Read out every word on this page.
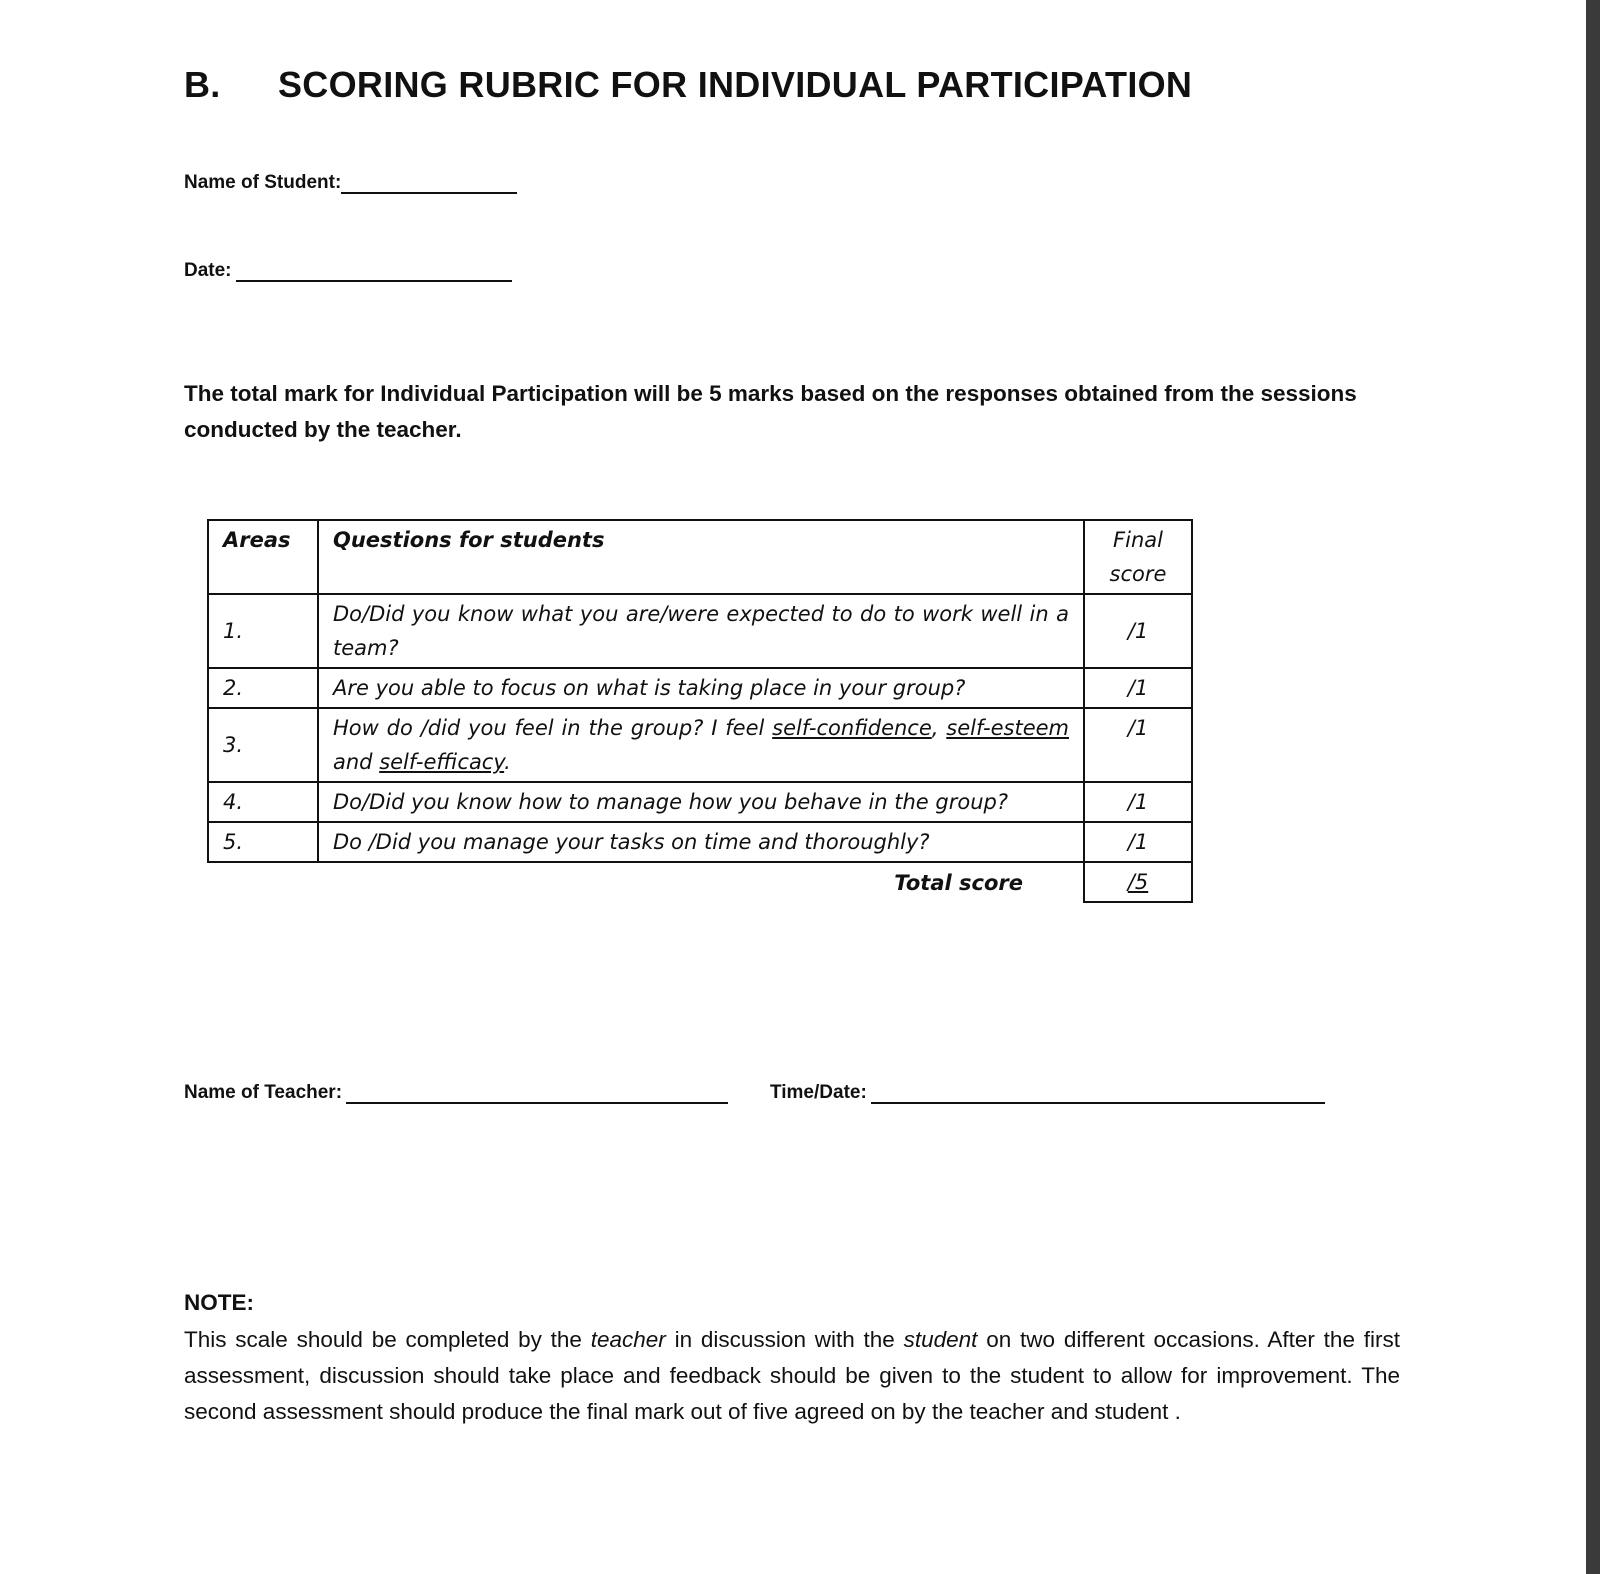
B. SCORING RUBRIC FOR INDIVIDUAL PARTICIPATION
Name of Student:
Date:
The total mark for Individual Participation will be 5 marks based on the responses obtained from the sessions conducted by the teacher.
Areas	Questions for students	Final score
1.	Do/Did you know what you are/were expected to do to work well in a team?	/1
2.	Are you able to focus on what is taking place in your group?	/1
3.	How do /did you feel in the group? I feel self-confidence, self-esteem and self-efficacy.	/1
4.	Do/Did you know how to manage how you behave in the group?	/1
5.	Do /Did you manage your tasks on time and thoroughly?	/1
	Total score	/5
Name of Teacher:	Time/Date:
NOTE:
This scale should be completed by the teacher in discussion with the student on two different occasions. After the first assessment, discussion should take place and feedback should be given to the student to allow for improvement. The second assessment should produce the final mark out of five agreed on by the teacher and student .
